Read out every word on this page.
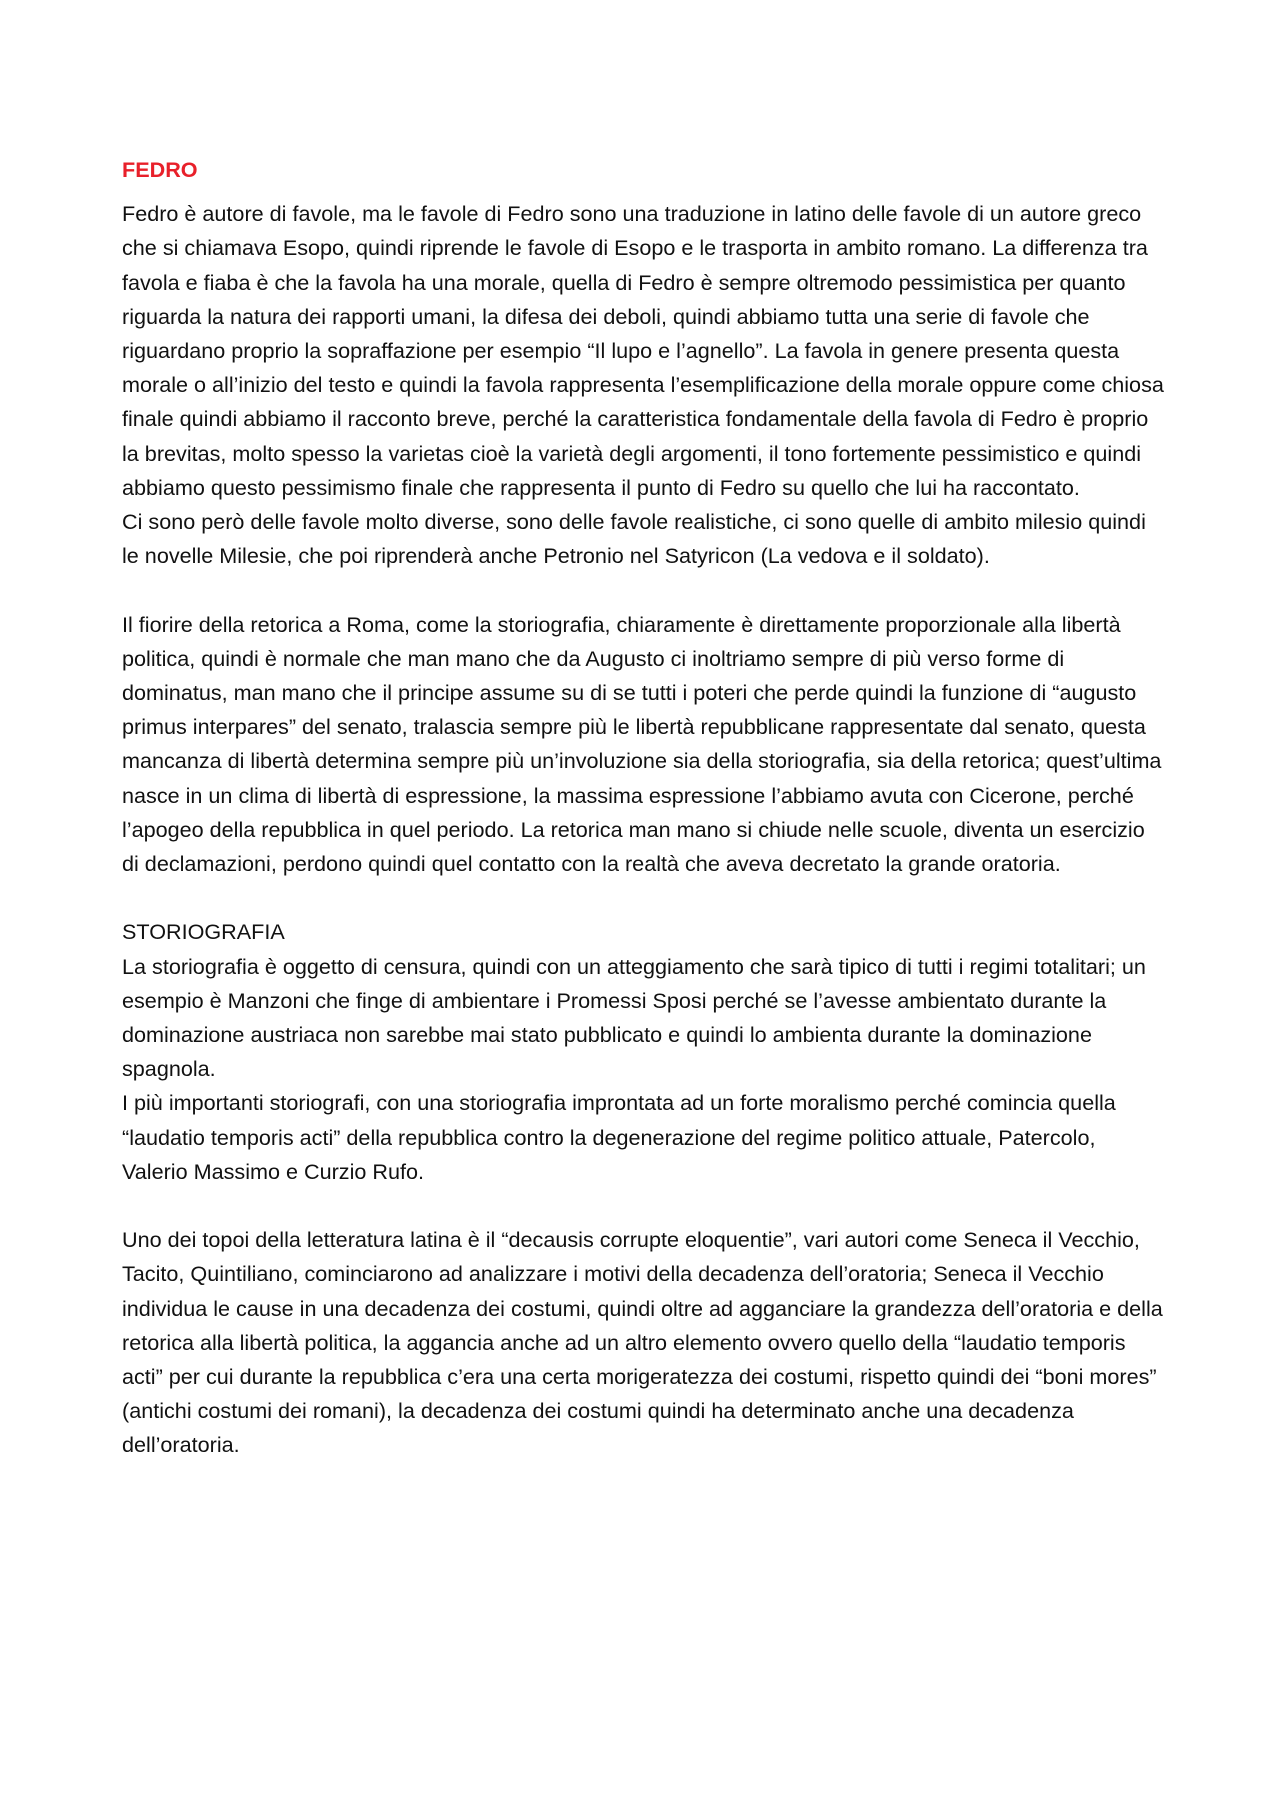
FEDRO

Fedro è autore di favole, ma le favole di Fedro sono una traduzione in latino delle favole di un autore greco che si chiamava Esopo, quindi riprende le favole di Esopo e le trasporta in ambito romano. La differenza tra favola e fiaba è che la favola ha una morale, quella di Fedro è sempre oltremodo pessimistica per quanto riguarda la natura dei rapporti umani, la difesa dei deboli, quindi abbiamo tutta una serie di favole che riguardano proprio la sopraffazione per esempio “Il lupo e l’agnello”. La favola in genere presenta questa morale o all’inizio del testo e quindi la favola rappresenta l’esemplificazione della morale oppure come chiosa finale quindi abbiamo il racconto breve, perché la caratteristica fondamentale della favola di Fedro è proprio la brevitas, molto spesso la varietas cioè la varietà degli argomenti, il tono fortemente pessimistico e quindi abbiamo questo pessimismo finale che rappresenta il punto di Fedro su quello che lui ha raccontato.

Ci sono però delle favole molto diverse, sono delle favole realistiche, ci sono quelle di ambito milesio quindi le novelle Milesie, che poi riprenderà anche Petronio nel Satyricon (La vedova e il soldato).

Il fiorire della retorica a Roma, come la storiografia, chiaramente è direttamente proporzionale alla libertà politica, quindi è normale che man mano che da Augusto ci inoltriamo sempre di più verso forme di dominatus, man mano che il principe assume su di se tutti i poteri che perde quindi la funzione di “augusto primus interpares” del senato, tralascia sempre più le libertà repubblicane rappresentate dal senato, questa mancanza di libertà determina sempre più un’involuzione sia della storiografia, sia della retorica; quest’ultima nasce in un clima di libertà di espressione, la massima espressione l’abbiamo avuta con Cicerone, perché l’apogeo della repubblica in quel periodo. La retorica man mano si chiude nelle scuole, diventa un esercizio di declamazioni, perdono quindi quel contatto con la realtà che aveva decretato la grande oratoria.

STORIOGRAFIA

La storiografia è oggetto di censura, quindi con un atteggiamento che sarà tipico di tutti i regimi totalitari; un esempio è Manzoni che finge di ambientare i Promessi Sposi perché se l’avesse ambientato durante la dominazione austriaca non sarebbe mai stato pubblicato e quindi lo ambienta durante la dominazione spagnola.

I più importanti storiografi, con una storiografia improntata ad un forte moralismo perché comincia quella “laudatio temporis acti” della repubblica contro la degenerazione del regime politico attuale, Patercolo, Valerio Massimo e Curzio Rufo.

Uno dei topoi della letteratura latina è il “decausis corrupte eloquentie”, vari autori come Seneca il Vecchio, Tacito, Quintiliano, cominciarono ad analizzare i motivi della decadenza dell’oratoria; Seneca il Vecchio individua le cause in una decadenza dei costumi, quindi oltre ad agganciare la grandezza dell’oratoria e della retorica alla libertà politica, la aggancia anche ad un altro elemento ovvero quello della “laudatio temporis acti” per cui durante la repubblica c’era una certa morigeratezza dei costumi, rispetto quindi dei “boni mores” (antichi costumi dei romani), la decadenza dei costumi quindi ha determinato anche una decadenza dell’oratoria.
